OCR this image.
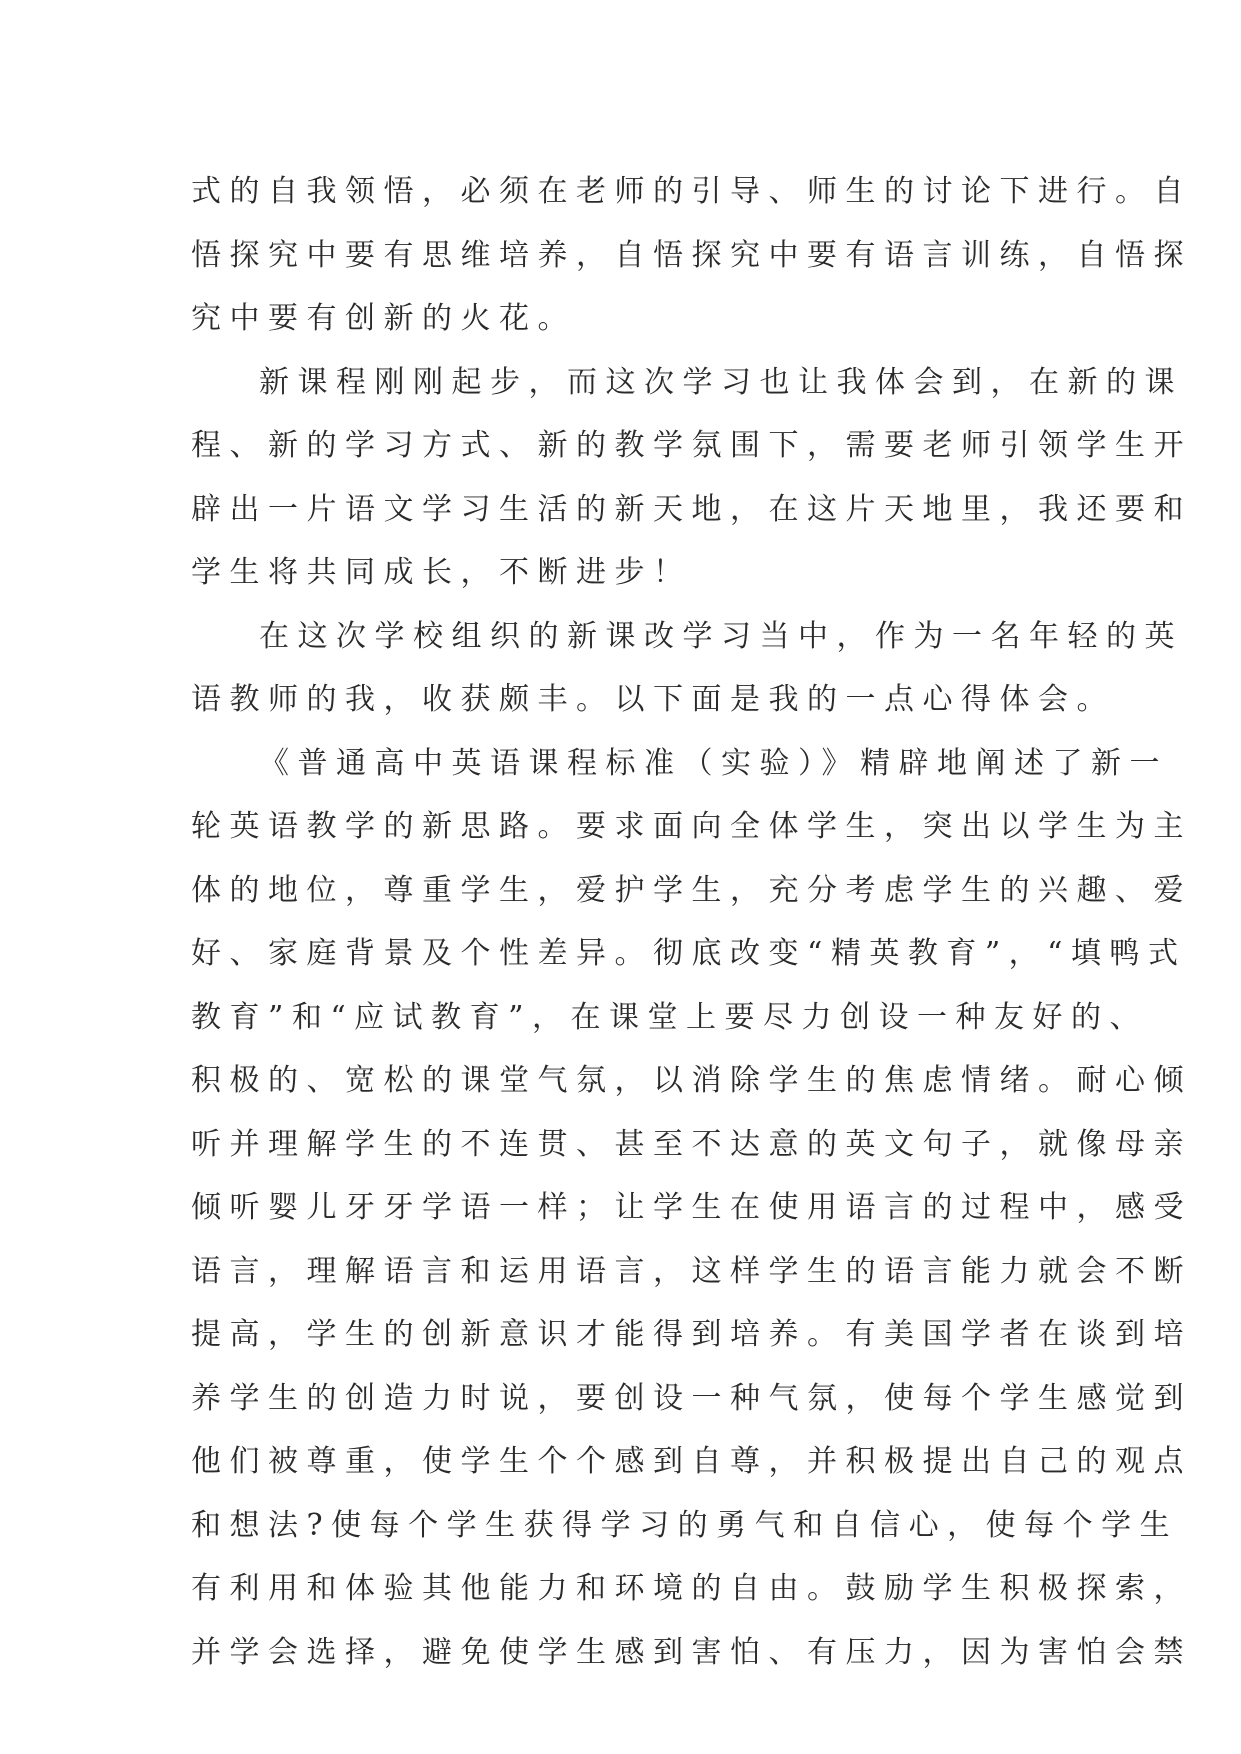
式的自我领悟，必须在老师的引导、师生的讨论下进行。自
悟探究中要有思维培养，自悟探究中要有语言训练，自悟探
究中要有创新的火花。
新课程刚刚起步，而这次学习也让我体会到，在新的课
程、新的学习方式、新的教学氛围下，需要老师引领学生开
辟出一片语文学习生活的新天地，在这片天地里，我还要和
学生将共同成长，不断进步！
在这次学校组织的新课改学习当中，作为一名年轻的英
语教师的我，收获颇丰。以下面是我的一点心得体会。
《普通高中英语课程标准（实验）》精辟地阐述了新一
轮英语教学的新思路。要求面向全体学生，突出以学生为主
体的地位，尊重学生，爱护学生，充分考虑学生的兴趣、爱
好、家庭背景及个性差异。彻底改变“精英教育”，“填鸭式
教育”和“应试教育”，在课堂上要尽力创设一种友好的、
积极的、宽松的课堂气氛，以消除学生的焦虑情绪。耐心倾
听并理解学生的不连贯、甚至不达意的英文句子，就像母亲
倾听婴儿牙牙学语一样；让学生在使用语言的过程中，感受
语言，理解语言和运用语言，这样学生的语言能力就会不断
提高，学生的创新意识才能得到培养。有美国学者在谈到培
养学生的创造力时说，要创设一种气氛，使每个学生感觉到
他们被尊重，使学生个个感到自尊，并积极提出自己的观点
和想法?使每个学生获得学习的勇气和自信心，使每个学生
有利用和体验其他能力和环境的自由。鼓励学生积极探索，
并学会选择，避免使学生感到害怕、有压力，因为害怕会禁
